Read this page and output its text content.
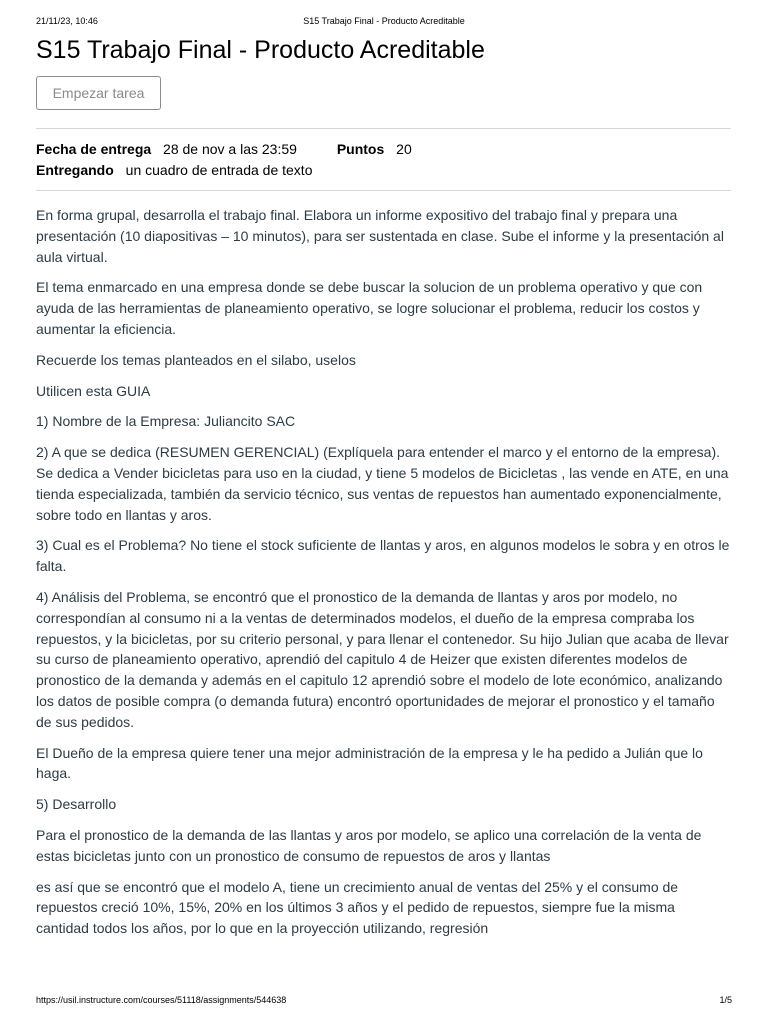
21/11/23, 10:46	S15 Trabajo Final - Producto Acreditable
S15 Trabajo Final - Producto Acreditable
Empezar tarea
Fecha de entrega 28 de nov a las 23:59	Puntos 20
Entregando un cuadro de entrada de texto

En forma grupal, desarrolla el trabajo final. Elabora un informe expositivo del trabajo final y prepara una presentación (10 diapositivas – 10 minutos), para ser sustentada en clase. Sube el informe y la presentación al aula virtual.

El tema enmarcado en una empresa donde se debe buscar la solucion de un problema operativo y que con ayuda de las herramientas de planeamiento operativo, se logre solucionar el problema, reducir los costos y aumentar la eficiencia.

Recuerde los temas planteados en el silabo, uselos

Utilicen esta GUIA

1) Nombre de la Empresa: Juliancito SAC

2) A que se dedica (RESUMEN GERENCIAL) (Explíquela para entender el marco y el entorno de la empresa). Se dedica a Vender bicicletas para uso en la ciudad, y tiene 5 modelos de Bicicletas , las vende en ATE, en una tienda especializada, también da servicio técnico, sus ventas de repuestos han aumentado exponencialmente, sobre todo en llantas y aros.

3) Cual es el Problema? No tiene el stock suficiente de llantas y aros, en algunos modelos le sobra y en otros le falta.

4) Análisis del Problema, se encontró que el pronostico de la demanda de llantas y aros por modelo, no correspondían al consumo ni a la ventas de determinados modelos, el dueño de la empresa compraba los repuestos, y la bicicletas, por su criterio personal, y para llenar el contenedor. Su hijo Julian que acaba de llevar su curso de planeamiento operativo, aprendió del capitulo 4 de Heizer que existen diferentes modelos de pronostico de la demanda y además en el capitulo 12 aprendió sobre el modelo de lote económico, analizando los datos de posible compra (o demanda futura) encontró oportunidades de mejorar el pronostico y el tamaño de sus pedidos.

El Dueño de la empresa quiere tener una mejor administración de la empresa y le ha pedido a Julián que lo haga.

5) Desarrollo

Para el pronostico de la demanda de las llantas y aros por modelo, se aplico una correlación de la venta de estas bicicletas junto con un pronostico de consumo de repuestos de aros y llantas

es así que se encontró que el modelo A, tiene un crecimiento anual de ventas del 25% y el consumo de repuestos creció 10%, 15%, 20% en los últimos 3 años y el pedido de repuestos, siempre fue la misma cantidad todos los años, por lo que en la proyección utilizando, regresión

https://usil.instructure.com/courses/51118/assignments/544638	1/5
